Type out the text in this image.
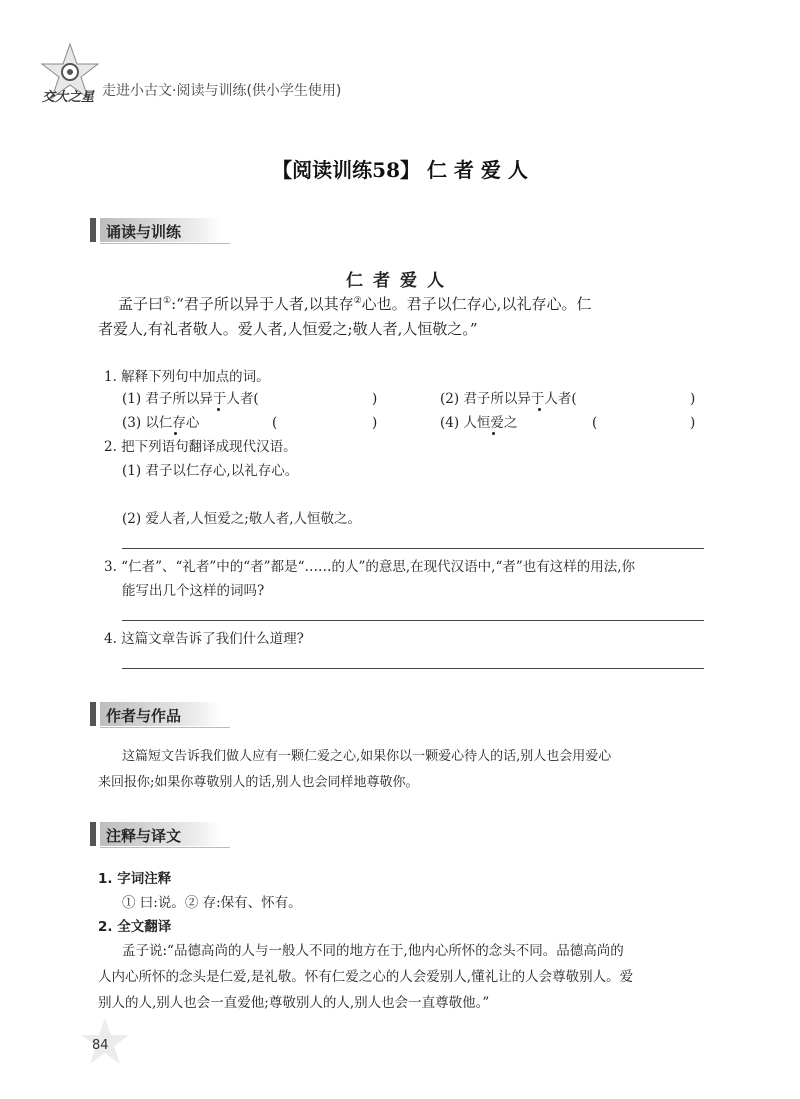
交大之星 走进小古文·阅读与训练(供小学生使用)
【阅读训练58】 仁 者 爱 人
诵读与训练
仁者爱人
孟子曰①:“君子所以异于人者,以其存②心也。君子以仁存心,以礼存心。仁
者爱人,有礼者敬人。爱人者,人恒爱之;敬人者,人恒敬之。”
1. 解释下列句中加点的词。
(1) 君子所以异于人者(	)	(2) 君子所以异于人者(	)
(3) 以仁存心	(	)	(4) 人恒爱之	(	)
2. 把下列语句翻译成现代汉语。
(1) 君子以仁存心,以礼存心。
(2) 爱人者,人恒爱之;敬人者,人恒敬之。
3. “仁者”、“礼者”中的“者”都是“……的人”的意思,在现代汉语中,“者”也有这样的用法,你
能写出几个这样的词吗?
4. 这篇文章告诉了我们什么道理?
作者与作品
这篇短文告诉我们做人应有一颗仁爱之心,如果你以一颗爱心待人的话,别人也会用爱心
来回报你;如果你尊敬别人的话,别人也会同样地尊敬你。
注释与译文
1. 字词注释
① 曰:说。② 存:保有、怀有。
2. 全文翻译
孟子说:“品德高尚的人与一般人不同的地方在于,他内心所怀的念头不同。品德高尚的
人内心所怀的念头是仁爱,是礼敬。怀有仁爱之心的人会爱别人,懂礼让的人会尊敬别人。爱
别人的人,别人也会一直爱他;尊敬别人的人,别人也会一直尊敬他。”
84
